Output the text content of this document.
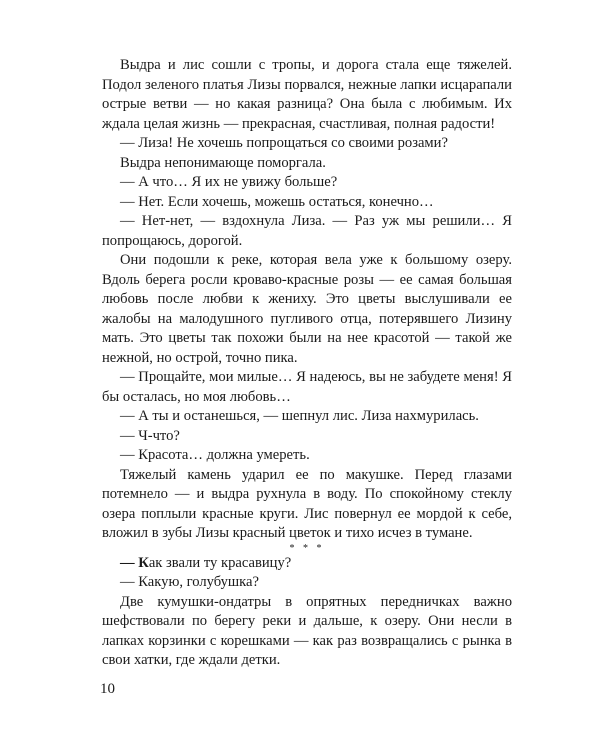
Выдра и лис сошли с тропы, и дорога стала еще тяжелей. Подол зеленого платья Лизы порвался, нежные лапки исцарапали острые ветви — но какая разница? Она была с любимым. Их ждала целая жизнь — прекрасная, счастливая, полная радости!

— Лиза! Не хочешь попрощаться со своими розами?

Выдра непонимающе поморгала.

— А что… Я их не увижу больше?

— Нет. Если хочешь, можешь остаться, конечно…

— Нет-нет, — вздохнула Лиза. — Раз уж мы решили… Я попрощаюсь, дорогой.

Они подошли к реке, которая вела уже к большому озеру. Вдоль берега росли кроваво-красные розы — ее самая большая любовь после любви к жениху. Это цветы выслушивали ее жалобы на малодушного пугливого отца, потерявшего Лизину мать. Это цветы так похожи были на нее красотой — такой же нежной, но острой, точно пика.

— Прощайте, мои милые… Я надеюсь, вы не забудете меня! Я бы осталась, но моя любовь…

— А ты и останешься, — шепнул лис. Лиза нахмурилась.

— Ч-что?

— Красота… должна умереть.

Тяжелый камень ударил ее по макушке. Перед глазами потемнело — и выдра рухнула в воду. По спокойному стеклу озера поплыли красные круги. Лис повернул ее мордой к себе, вложил в зубы Лизы красный цветок и тихо исчез в тумане.

* * *

— Как звали ту красавицу?

— Какую, голубушка?

Две кумушки-ондатры в опрятных передничках важно шефствовали по берегу реки и дальше, к озеру. Они несли в лапках корзинки с корешками — как раз возвращались с рынка в свои хатки, где ждали детки.

10
